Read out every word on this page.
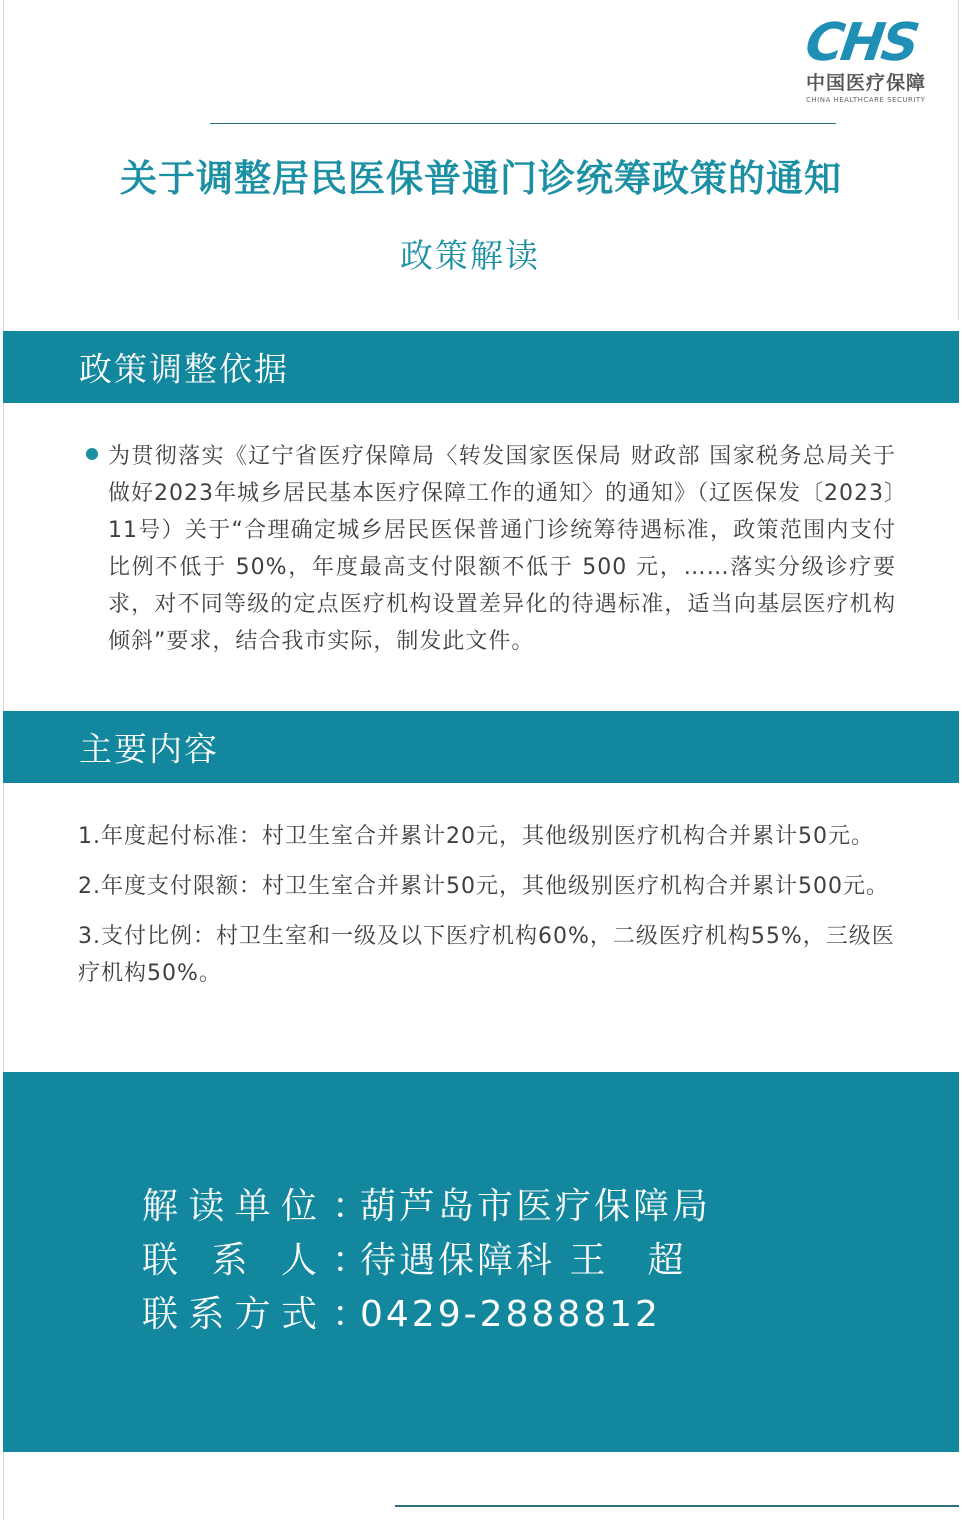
CHS
中国医疗保障
CHINA HEALTHCARE SECURITY
关于调整居民医保普通门诊统筹政策的通知
政策解读
政策调整依据

为贯彻落实《辽宁省医疗保障局〈转发国家医保局 财政部 国家税务总局关于做好2023年城乡居民基本医疗保障工作的通知〉的通知》（辽医保发〔2023〕11号）关于“合理确定城乡居民医保普通门诊统筹待遇标准，政策范围内支付比例不低于 50%，年度最高支付限额不低于 500 元，……落实分级诊疗要求，对不同等级的定点医疗机构设置差异化的待遇标准，适当向基层医疗机构倾斜”要求，结合我市实际，制发此文件。

主要内容
1.年度起付标准：村卫生室合并累计20元，其他级别医疗机构合并累计50元。
2.年度支付限额：村卫生室合并累计50元，其他级别医疗机构合并累计500元。
3.支付比例：村卫生室和一级及以下医疗机构60%，二级医疗机构55%，三级医疗机构50%。
解 读 单 位 ：
葫芦岛市医疗保障局
联 系 人 ：
待遇保障科 王　超
联 系 方 式 ：
0429-2888812
